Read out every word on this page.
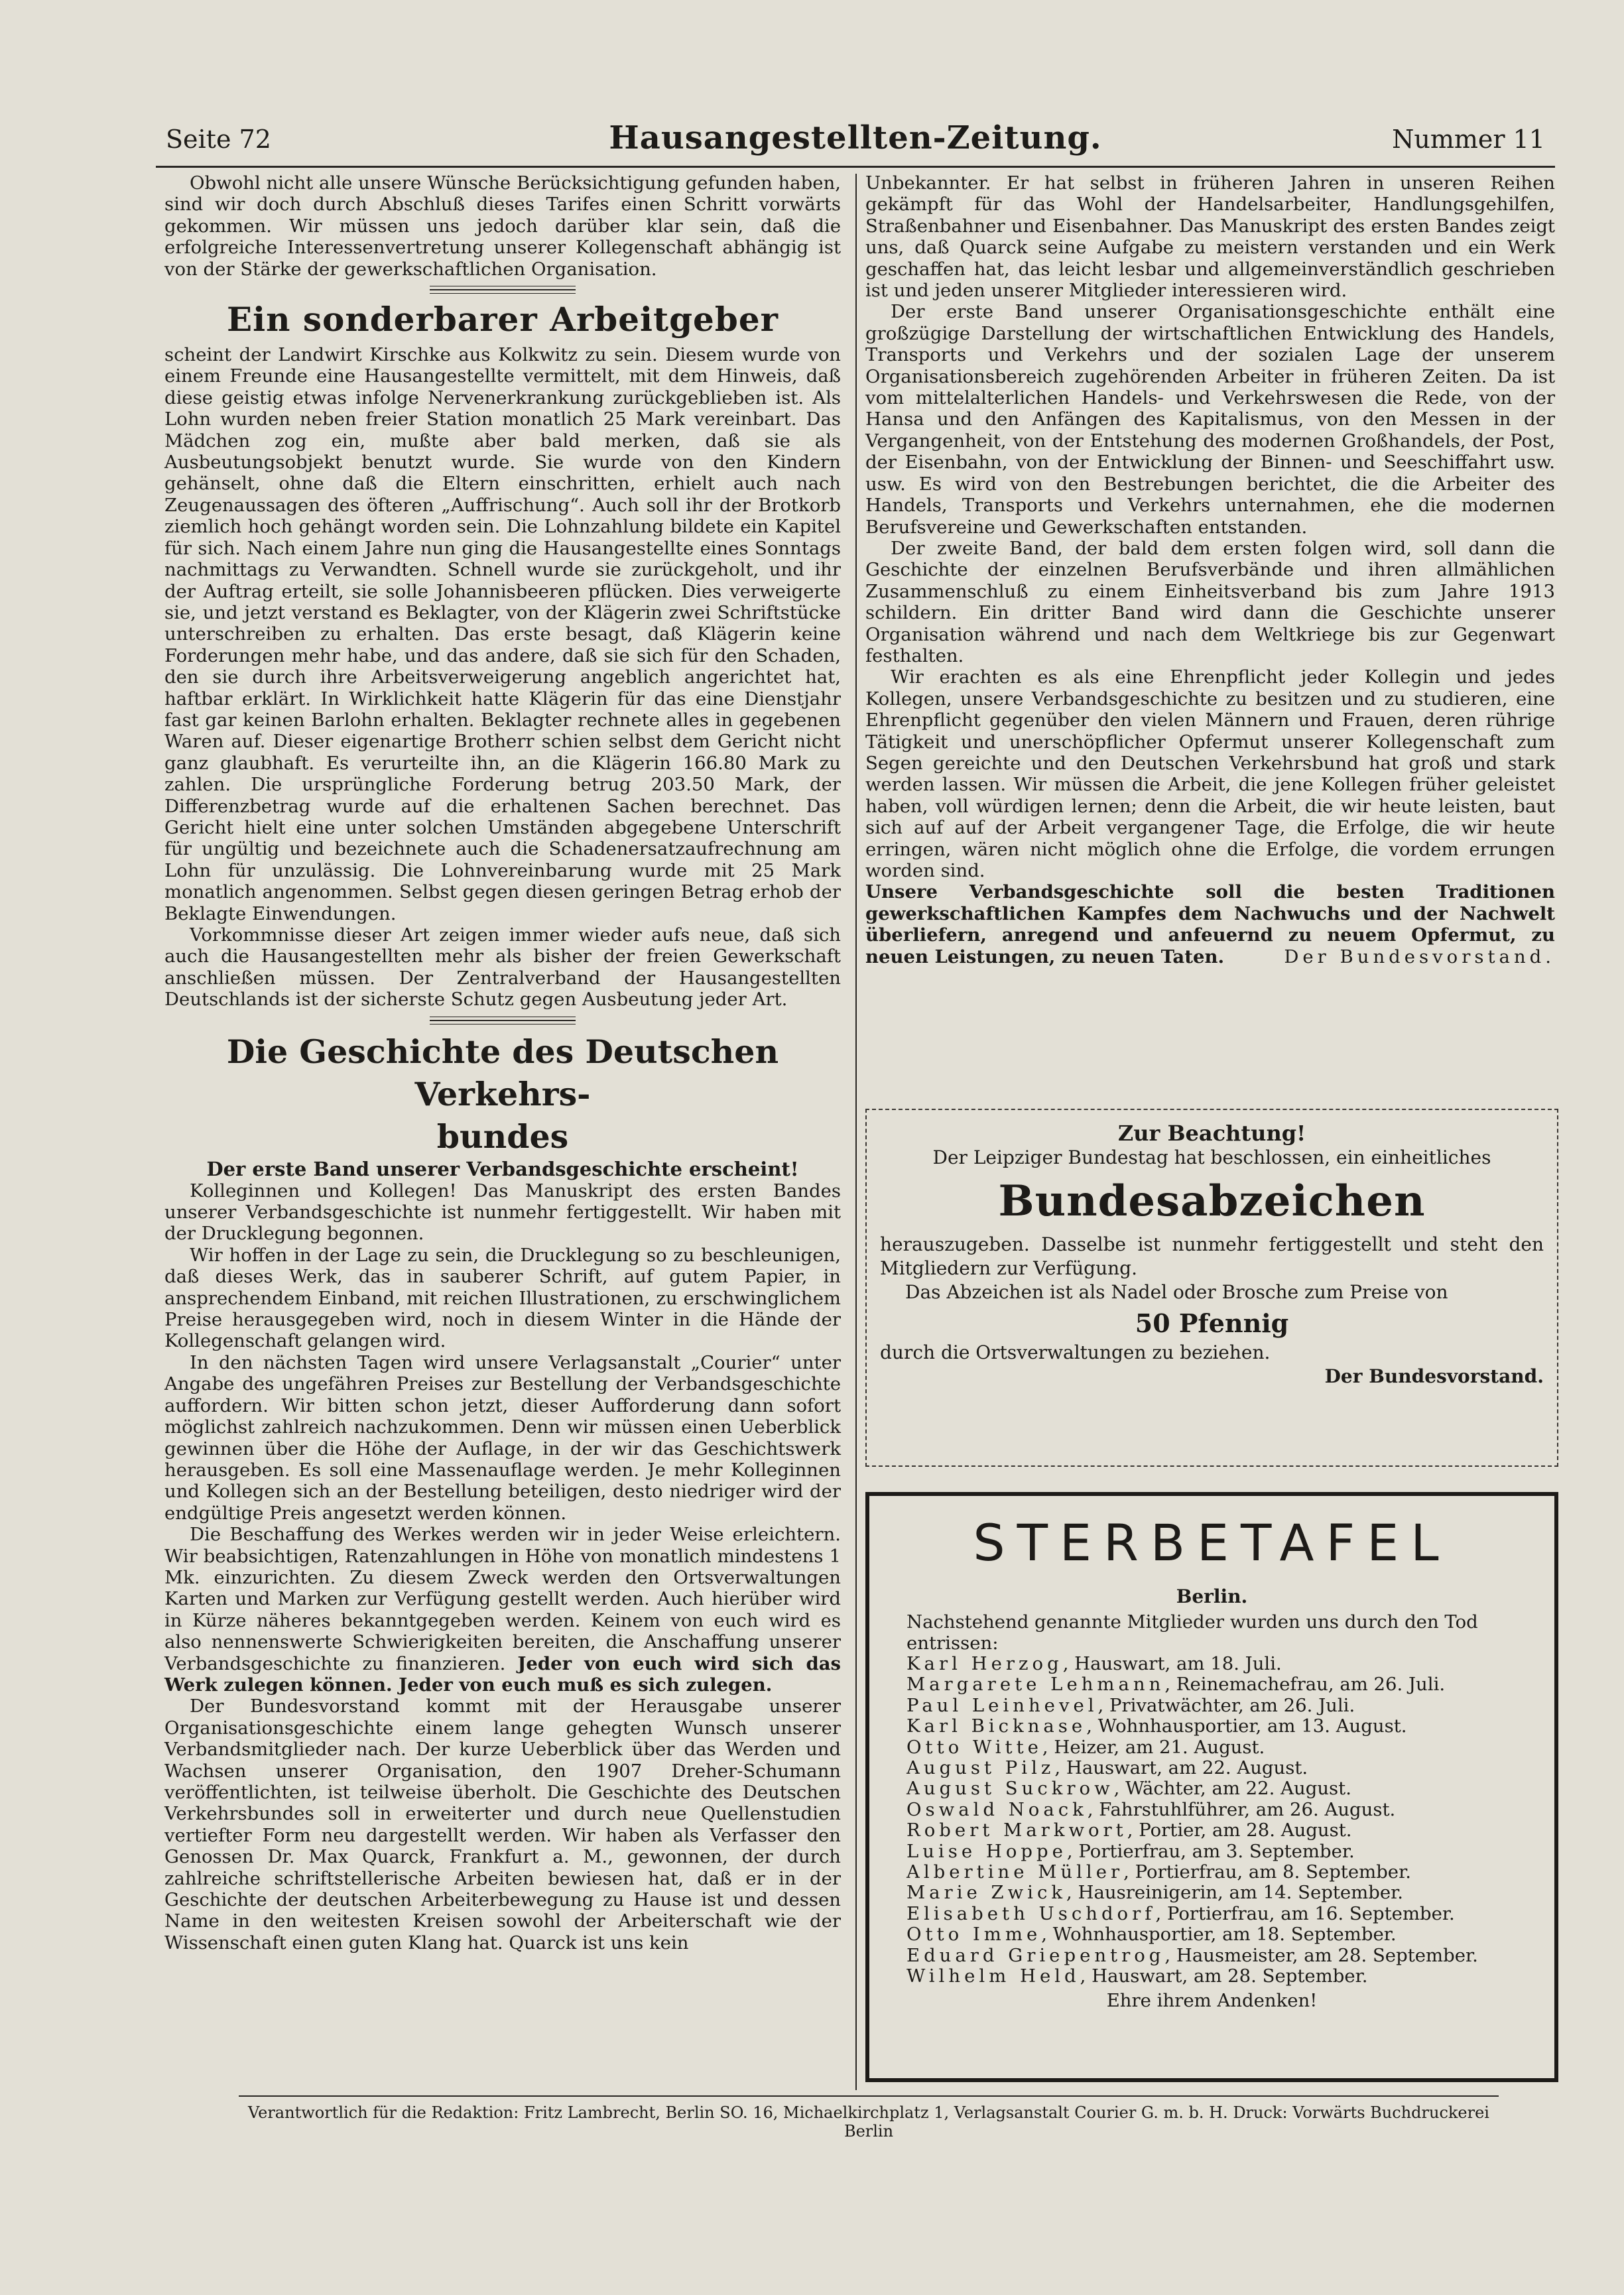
Seite 72	Hausangestellten-Zeitung.	Nummer 11

Obwohl nicht alle unsere Wünsche Berücksichtigung gefunden haben, sind wir doch durch Abschluß dieses Tarifes einen Schritt vorwärts gekommen. Wir müssen uns jedoch darüber klar sein, daß die erfolgreiche Interessenvertretung unserer Kollegenschaft abhängig ist von der Stärke der gewerkschaftlichen Organisation.

Ein sonderbarer Arbeitgeber

scheint der Landwirt Kirschke aus Kolkwitz zu sein. Diesem wurde von einem Freunde eine Hausangestellte vermittelt, mit dem Hinweis, daß diese geistig etwas infolge Nervenerkrankung zurückgeblieben ist. Als Lohn wurden neben freier Station monatlich 25 Mark vereinbart. Das Mädchen zog ein, mußte aber bald merken, daß sie als Ausbeutungsobjekt benutzt wurde. Sie wurde von den Kindern gehänselt, ohne daß die Eltern einschritten, erhielt auch nach Zeugenaussagen des öfteren „Auffrischung“. Auch soll ihr der Brotkorb ziemlich hoch gehängt worden sein. Die Lohnzahlung bildete ein Kapitel für sich. Nach einem Jahre nun ging die Hausangestellte eines Sonntags nachmittags zu Verwandten. Schnell wurde sie zurückgeholt, und ihr der Auftrag erteilt, sie solle Johannisbeeren pflücken. Dies verweigerte sie, und jetzt verstand es Beklagter, von der Klägerin zwei Schriftstücke unterschreiben zu erhalten. Das erste besagt, daß Klägerin keine Forderungen mehr habe, und das andere, daß sie sich für den Schaden, den sie durch ihre Arbeitsverweigerung angeblich angerichtet hat, haftbar erklärt. In Wirklichkeit hatte Klägerin für das eine Dienstjahr fast gar keinen Barlohn erhalten. Beklagter rechnete alles in gegebenen Waren auf. Dieser eigenartige Brotherr schien selbst dem Gericht nicht ganz glaubhaft. Es verurteilte ihn, an die Klägerin 166.80 Mark zu zahlen. Die ursprüngliche Forderung betrug 203.50 Mark, der Differenzbetrag wurde auf die erhaltenen Sachen berechnet. Das Gericht hielt eine unter solchen Umständen abgegebene Unterschrift für ungültig und bezeichnete auch die Schadenersatzaufrechnung am Lohn für unzulässig. Die Lohnvereinbarung wurde mit 25 Mark monatlich angenommen. Selbst gegen diesen geringen Betrag erhob der Beklagte Einwendungen.

Vorkommnisse dieser Art zeigen immer wieder aufs neue, daß sich auch die Hausangestellten mehr als bisher der freien Gewerkschaft anschließen müssen. Der Zentralverband der Hausangestellten Deutschlands ist der sicherste Schutz gegen Ausbeutung jeder Art.

Die Geschichte des Deutschen Verkehrs-
bundes
Der erste Band unserer Verbandsgeschichte erscheint!

Kolleginnen und Kollegen! Das Manuskript des ersten Bandes unserer Verbandsgeschichte ist nunmehr fertiggestellt. Wir haben mit der Drucklegung begonnen.

Wir hoffen in der Lage zu sein, die Drucklegung so zu beschleunigen, daß dieses Werk, das in sauberer Schrift, auf gutem Papier, in ansprechendem Einband, mit reichen Illustrationen, zu erschwinglichem Preise herausgegeben wird, noch in diesem Winter in die Hände der Kollegenschaft gelangen wird.

In den nächsten Tagen wird unsere Verlagsanstalt „Courier“ unter Angabe des ungefähren Preises zur Bestellung der Verbandsgeschichte auffordern. Wir bitten schon jetzt, dieser Aufforderung dann sofort möglichst zahlreich nachzukommen. Denn wir müssen einen Ueberblick gewinnen über die Höhe der Auflage, in der wir das Geschichtswerk herausgeben. Es soll eine Massenauflage werden. Je mehr Kolleginnen und Kollegen sich an der Bestellung beteiligen, desto niedriger wird der endgültige Preis angesetzt werden können.

Die Beschaffung des Werkes werden wir in jeder Weise erleichtern. Wir beabsichtigen, Ratenzahlungen in Höhe von monatlich mindestens 1 Mk. einzurichten. Zu diesem Zweck werden den Ortsverwaltungen Karten und Marken zur Verfügung gestellt werden. Auch hierüber wird in Kürze näheres bekanntgegeben werden. Keinem von euch wird es also nennenswerte Schwierigkeiten bereiten, die Anschaffung unserer Verbandsgeschichte zu finanzieren. Jeder von euch wird sich das Werk zulegen können. Jeder von euch muß es sich zulegen.

Der Bundesvorstand kommt mit der Herausgabe unserer Organisationsgeschichte einem lange gehegten Wunsch unserer Verbandsmitglieder nach. Der kurze Ueberblick über das Werden und Wachsen unserer Organisation, den 1907 Dreher-Schumann veröffentlichten, ist teilweise überholt. Die Geschichte des Deutschen Verkehrsbundes soll in erweiterter und durch neue Quellenstudien vertiefter Form neu dargestellt werden. Wir haben als Verfasser den Genossen Dr. Max Quarck, Frankfurt a. M., gewonnen, der durch zahlreiche schriftstellerische Arbeiten bewiesen hat, daß er in der Geschichte der deutschen Arbeiterbewegung zu Hause ist und dessen Name in den weitesten Kreisen sowohl der Arbeiterschaft wie der Wissenschaft einen guten Klang hat. Quarck ist uns kein

Unbekannter. Er hat selbst in früheren Jahren in unseren Reihen gekämpft für das Wohl der Handelsarbeiter, Handlungsgehilfen, Straßenbahner und Eisenbahner. Das Manuskript des ersten Bandes zeigt uns, daß Quarck seine Aufgabe zu meistern verstanden und ein Werk geschaffen hat, das leicht lesbar und allgemeinverständlich geschrieben ist und jeden unserer Mitglieder interessieren wird.

Der erste Band unserer Organisationsgeschichte enthält eine großzügige Darstellung der wirtschaftlichen Entwicklung des Handels, Transports und Verkehrs und der sozialen Lage der unserem Organisationsbereich zugehörenden Arbeiter in früheren Zeiten. Da ist vom mittelalterlichen Handels- und Verkehrswesen die Rede, von der Hansa und den Anfängen des Kapitalismus, von den Messen in der Vergangenheit, von der Entstehung des modernen Großhandels, der Post, der Eisenbahn, von der Entwicklung der Binnen- und Seeschiffahrt usw. usw. Es wird von den Bestrebungen berichtet, die die Arbeiter des Handels, Transports und Verkehrs unternahmen, ehe die modernen Berufsvereine und Gewerkschaften entstanden.

Der zweite Band, der bald dem ersten folgen wird, soll dann die Geschichte der einzelnen Berufsverbände und ihren allmählichen Zusammenschluß zu einem Einheitsverband bis zum Jahre 1913 schildern. Ein dritter Band wird dann die Geschichte unserer Organisation während und nach dem Weltkriege bis zur Gegenwart festhalten.

Wir erachten es als eine Ehrenpflicht jeder Kollegin und jedes Kollegen, unsere Verbandsgeschichte zu besitzen und zu studieren, eine Ehrenpflicht gegenüber den vielen Männern und Frauen, deren rührige Tätigkeit und unerschöpflicher Opfermut unserer Kollegenschaft zum Segen gereichte und den Deutschen Verkehrsbund hat groß und stark werden lassen. Wir müssen die Arbeit, die jene Kollegen früher geleistet haben, voll würdigen lernen; denn die Arbeit, die wir heute leisten, baut sich auf auf der Arbeit vergangener Tage, die Erfolge, die wir heute erringen, wären nicht möglich ohne die Erfolge, die vordem errungen worden sind.

Unsere Verbandsgeschichte soll die besten Traditionen gewerkschaftlichen Kampfes dem Nachwuchs und der Nachwelt überliefern, anregend und anfeuernd zu neuem Opfermut, zu neuen Leistungen, zu neuen Taten.	Der Bundesvorstand.

Zur Beachtung!

Der Leipziger Bundestag hat beschlossen, ein einheitliches

Bundesabzeichen

herauszugeben. Dasselbe ist nunmehr fertiggestellt und steht den Mitgliedern zur Verfügung.

Das Abzeichen ist als Nadel oder Brosche zum Preise von

50 Pfennig

durch die Ortsverwaltungen zu beziehen.

Der Bundesvorstand.

STERBETAFEL
Berlin.

Nachstehend genannte Mitglieder wurden uns durch den Tod entrissen:

Karl Herzog, Hauswart, am 18. Juli.
Margarete Lehmann, Reinemachefrau, am 26. Juli.
Paul Leinhevel, Privatwächter, am 26. Juli.
Karl Bicknase, Wohnhausportier, am 13. August.
Otto Witte, Heizer, am 21. August.
August Pilz, Hauswart, am 22. August.
August Suckrow, Wächter, am 22. August.
Oswald Noack, Fahrstuhlführer, am 26. August.
Robert Markwort, Portier, am 28. August.
Luise Hoppe, Portierfrau, am 3. September.
Albertine Müller, Portierfrau, am 8. September.
Marie Zwick, Hausreinigerin, am 14. September.
Elisabeth Uschdorf, Portierfrau, am 16. September.
Otto Imme, Wohnhausportier, am 18. September.
Eduard Griepentrog, Hausmeister, am 28. September.
Wilhelm Held, Hauswart, am 28. September.

Ehre ihrem Andenken!

Verantwortlich für die Redaktion: Fritz Lambrecht, Berlin SO. 16, Michaelkirchplatz 1, Verlagsanstalt Courier G. m. b. H. Druck: Vorwärts Buchdruckerei Berlin
